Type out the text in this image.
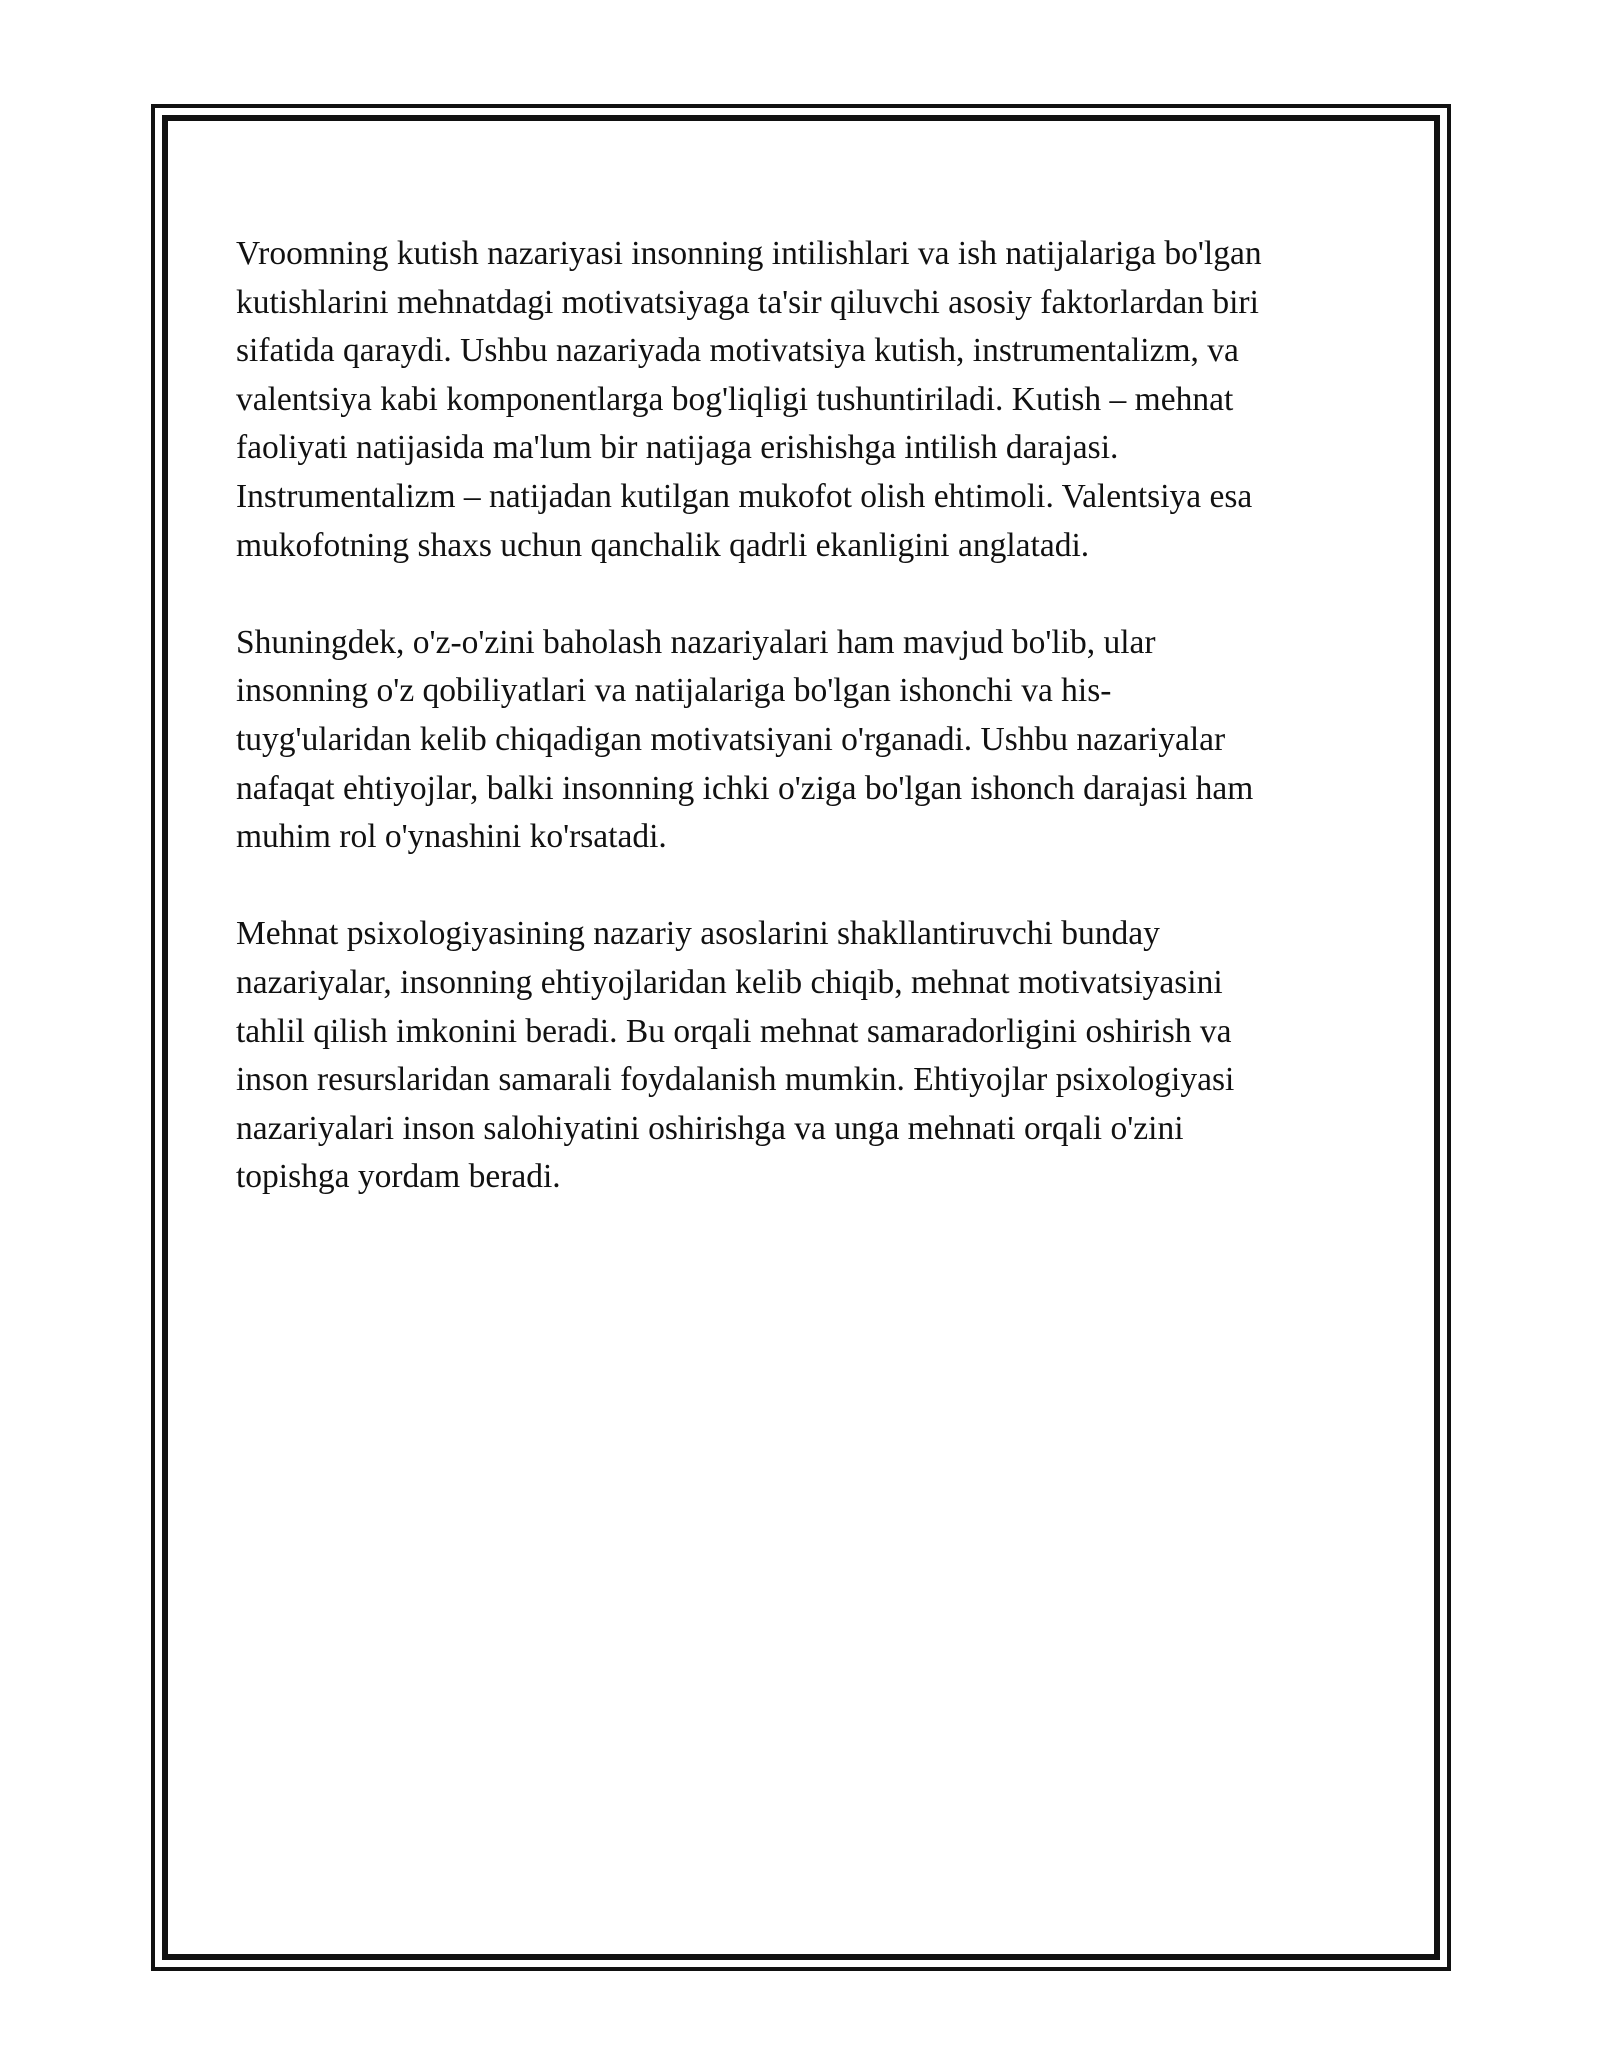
Vroomning kutish nazariyasi insonning intilishlari va ish natijalariga bo'lgan
kutishlarini mehnatdagi motivatsiyaga ta'sir qiluvchi asosiy faktorlardan biri
sifatida qaraydi. Ushbu nazariyada motivatsiya kutish, instrumentalizm, va
valentsiya kabi komponentlarga bog'liqligi tushuntiriladi. Kutish – mehnat
faoliyati natijasida ma'lum bir natijaga erishishga intilish darajasi.
Instrumentalizm – natijadan kutilgan mukofot olish ehtimoli. Valentsiya esa
mukofotning shaxs uchun qanchalik qadrli ekanligini anglatadi.

Shuningdek, o'z-o'zini baholash nazariyalari ham mavjud bo'lib, ular
insonning o'z qobiliyatlari va natijalariga bo'lgan ishonchi va his-
tuyg'ularidan kelib chiqadigan motivatsiyani o'rganadi. Ushbu nazariyalar
nafaqat ehtiyojlar, balki insonning ichki o'ziga bo'lgan ishonch darajasi ham
muhim rol o'ynashini ko'rsatadi.

Mehnat psixologiyasining nazariy asoslarini shakllantiruvchi bunday
nazariyalar, insonning ehtiyojlaridan kelib chiqib, mehnat motivatsiyasini
tahlil qilish imkonini beradi. Bu orqali mehnat samaradorligini oshirish va
inson resurslaridan samarali foydalanish mumkin. Ehtiyojlar psixologiyasi
nazariyalari inson salohiyatini oshirishga va unga mehnati orqali o'zini
topishga yordam beradi.
